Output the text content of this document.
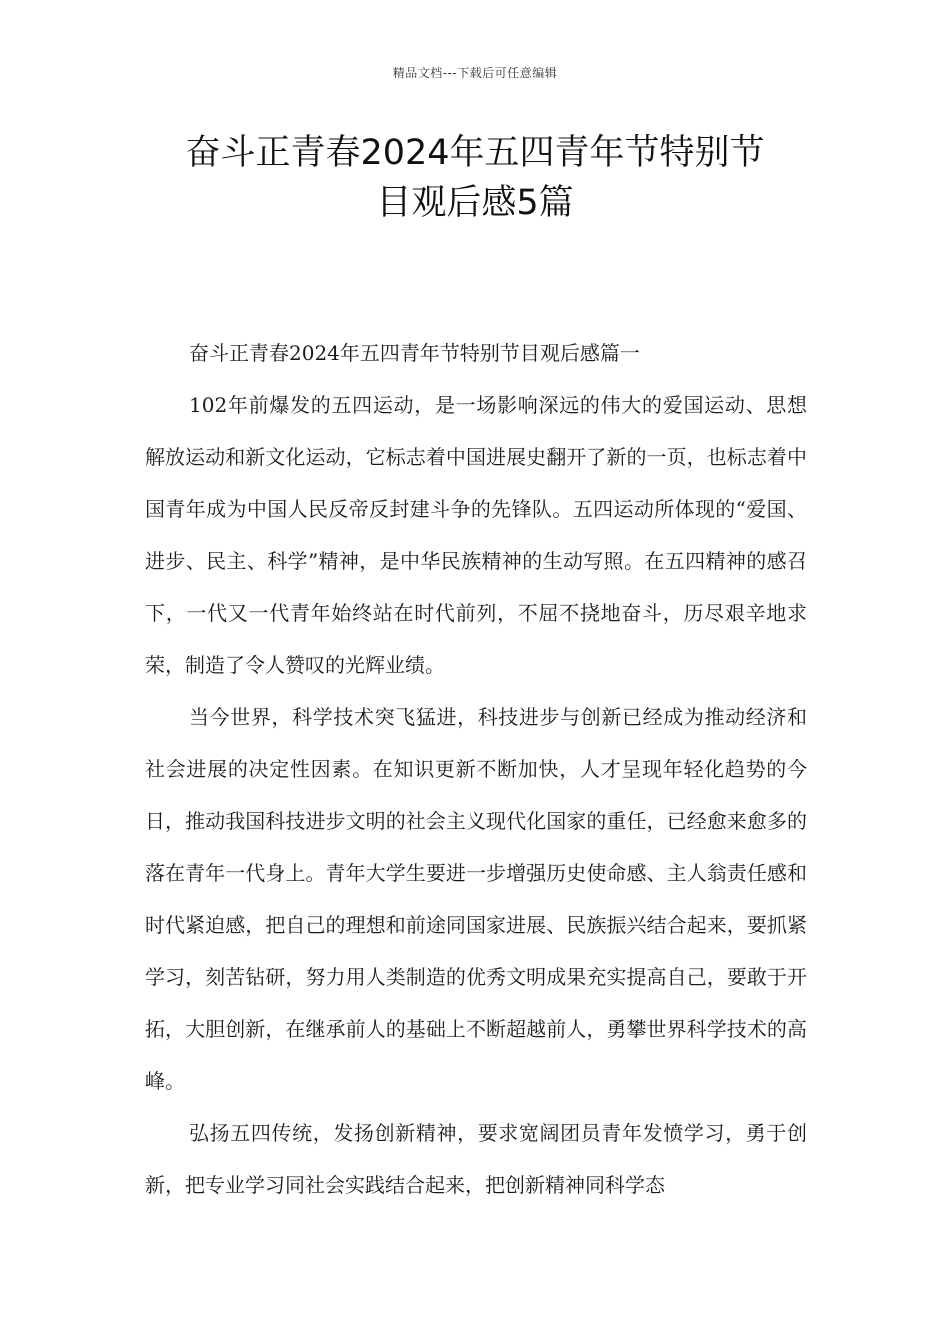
精品文档---下载后可任意编辑
奋斗正青春2024年五四青年节特别节
目观后感5篇

奋斗正青春2024年五四青年节特别节目观后感篇一

102年前爆发的五四运动，是一场影响深远的伟大的爱国运动、思想解放运动和新文化运动，它标志着中国进展史翻开了新的一页，也标志着中国青年成为中国人民反帝反封建斗争的先锋队。五四运动所体现的“爱国、进步、民主、科学”精神，是中华民族精神的生动写照。在五四精神的感召下，一代又一代青年始终站在时代前列，不屈不挠地奋斗，历尽艰辛地求荣，制造了令人赞叹的光辉业绩。

当今世界，科学技术突飞猛进，科技进步与创新已经成为推动经济和社会进展的决定性因素。在知识更新不断加快，人才呈现年轻化趋势的今日，推动我国科技进步文明的社会主义现代化国家的重任，已经愈来愈多的落在青年一代身上。青年大学生要进一步增强历史使命感、主人翁责任感和时代紧迫感，把自己的理想和前途同国家进展、民族振兴结合起来，要抓紧学习，刻苦钻研，努力用人类制造的优秀文明成果充实提高自己，要敢于开拓，大胆创新，在继承前人的基础上不断超越前人，勇攀世界科学技术的高峰。

弘扬五四传统，发扬创新精神，要求宽阔团员青年发愤学习，勇于创新，把专业学习同社会实践结合起来，把创新精神同科学态
